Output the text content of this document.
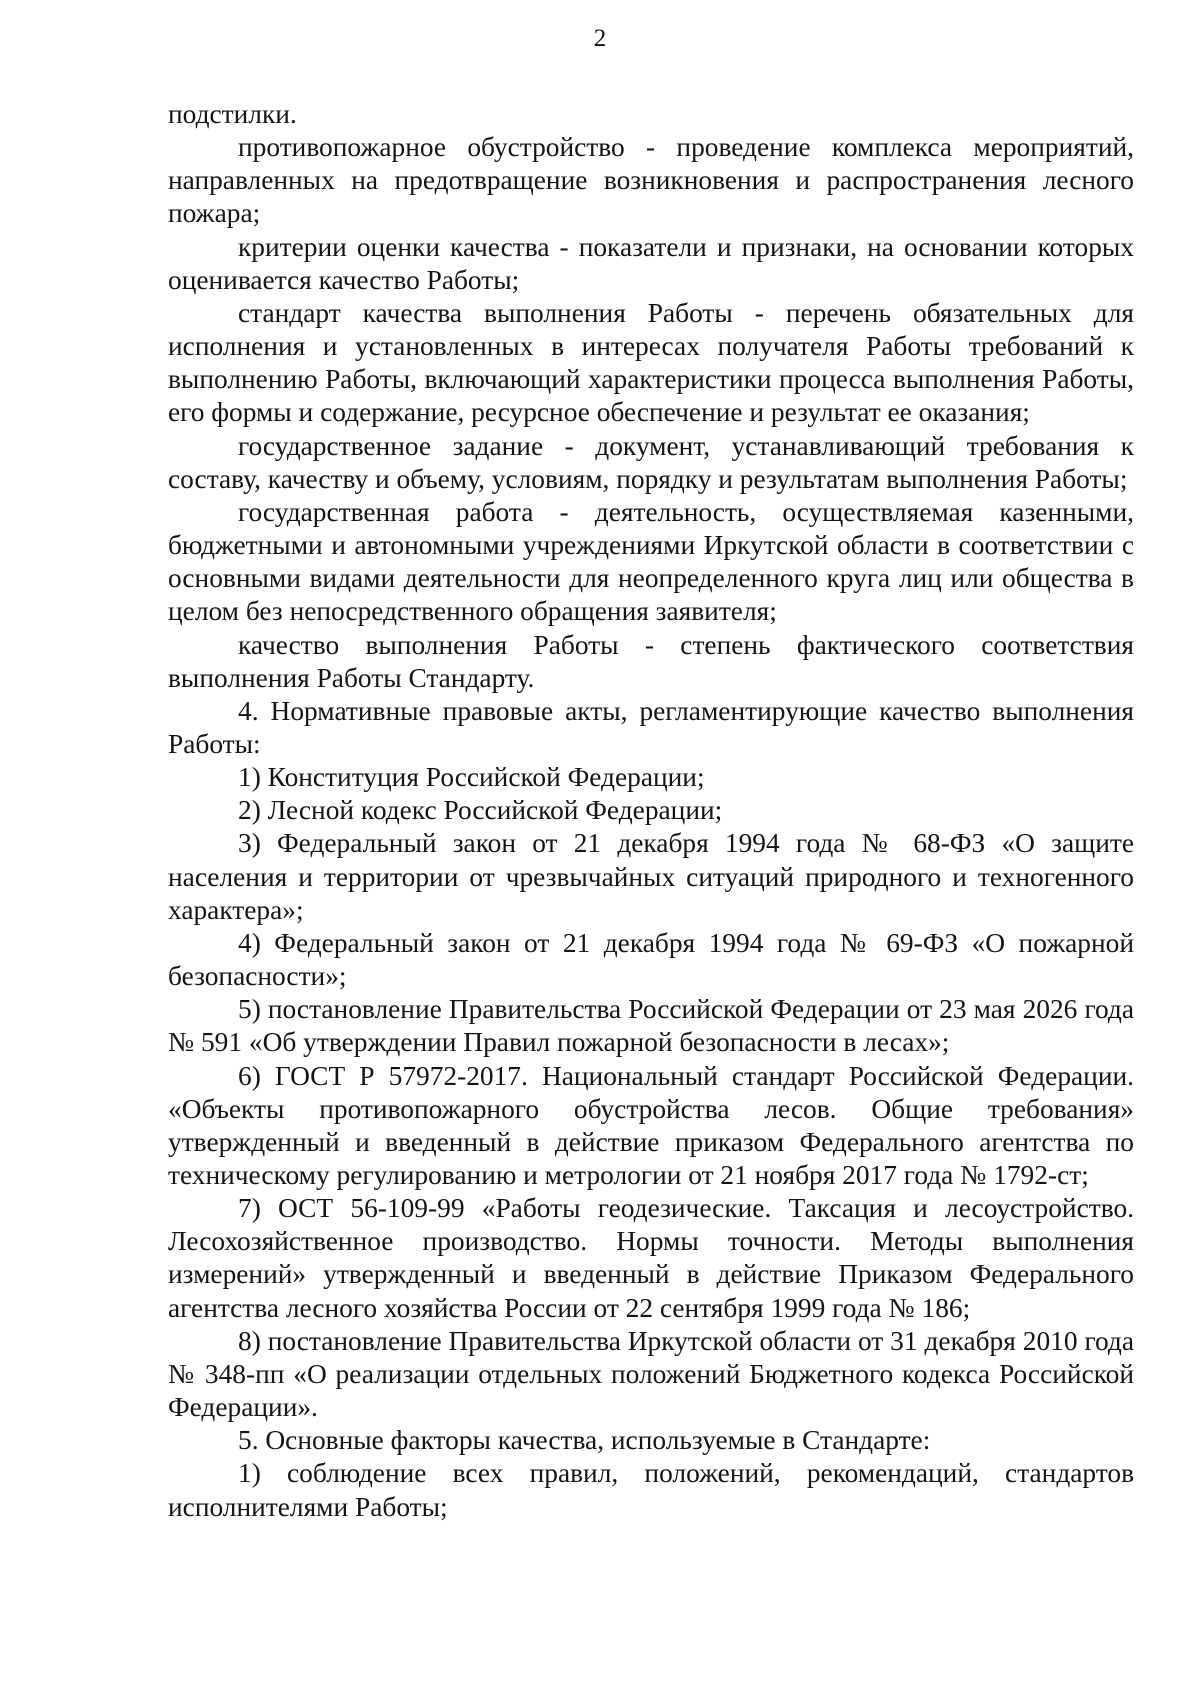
2

подстилки.

противопожарное обустройство - проведение комплекса мероприятий, направленных на предотвращение возникновения и распространения лесного пожара;

критерии оценки качества - показатели и признаки, на основании которых оценивается качество Работы;

стандарт качества выполнения Работы - перечень обязательных для исполнения и установленных в интересах получателя Работы требований к выполнению Работы, включающий характеристики процесса выполнения Работы, его формы и содержание, ресурсное обеспечение и результат ее оказания;

государственное задание - документ, устанавливающий требования к составу, качеству и объему, условиям, порядку и результатам выполнения Работы;

государственная работа - деятельность, осуществляемая казенными, бюджетными и автономными учреждениями Иркутской области в соответствии с основными видами деятельности для неопределенного круга лиц или общества в целом без непосредственного обращения заявителя;

качество выполнения Работы - степень фактического соответствия выполнения Работы Стандарту.

4. Нормативные правовые акты, регламентирующие качество выполнения Работы:

1) Конституция Российской Федерации;

2) Лесной кодекс Российской Федерации;

3) Федеральный закон от 21 декабря 1994 года № 68-ФЗ «О защите населения и территории от чрезвычайных ситуаций природного и техногенного характера»;

4) Федеральный закон от 21 декабря 1994 года № 69-ФЗ «О пожарной безопасности»;

5) постановление Правительства Российской Федерации от 23 мая 2026 года № 591 «Об утверждении Правил пожарной безопасности в лесах»;

6) ГОСТ Р 57972-2017. Национальный стандарт Российской Федерации. «Объекты противопожарного обустройства лесов. Общие требования» утвержденный и введенный в действие приказом Федерального агентства по техническому регулированию и метрологии от 21 ноября 2017 года № 1792-ст;

7) ОСТ 56-109-99 «Работы геодезические. Таксация и лесоустройство. Лесохозяйственное производство. Нормы точности. Методы выполнения измерений» утвержденный и введенный в действие Приказом Федерального агентства лесного хозяйства России от 22 сентября 1999 года № 186;

8) постановление Правительства Иркутской области от 31 декабря 2010 года № 348-пп «О реализации отдельных положений Бюджетного кодекса Российской Федерации».

5. Основные факторы качества, используемые в Стандарте:

1) соблюдение всех правил, положений, рекомендаций, стандартов исполнителями Работы;
